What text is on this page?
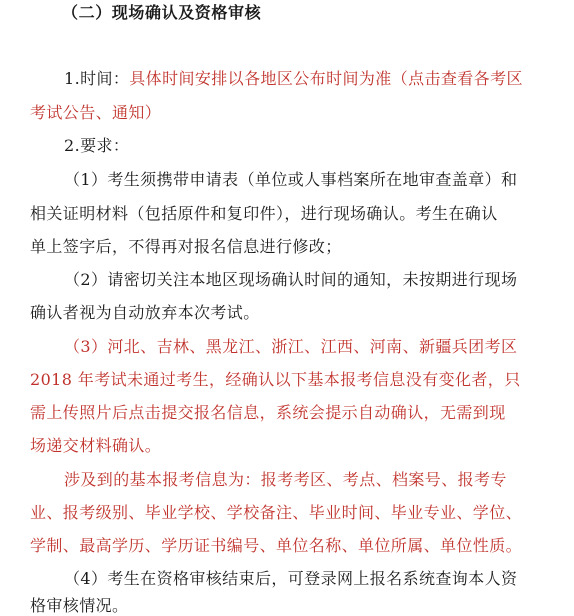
（二）现场确认及资格审核
1.时间：具体时间安排以各地区公布时间为准（点击查看各考区
考试公告、通知）
2.要求：
（1）考生须携带申请表（单位或人事档案所在地审查盖章）和
相关证明材料（包括原件和复印件），进行现场确认。考生在确认
单上签字后，不得再对报名信息进行修改；
（2）请密切关注本地区现场确认时间的通知，未按期进行现场
确认者视为自动放弃本次考试。
（3）河北、吉林、黑龙江、浙江、江西、河南、新疆兵团考区
2018 年考试未通过考生，经确认以下基本报考信息没有变化者，只
需上传照片后点击提交报名信息，系统会提示自动确认，无需到现
场递交材料确认。
涉及到的基本报考信息为：报考考区、考点、档案号、报考专
业、报考级别、毕业学校、学校备注、毕业时间、毕业专业、学位、
学制、最高学历、学历证书编号、单位名称、单位所属、单位性质。
（4）考生在资格审核结束后，可登录网上报名系统查询本人资
格审核情况。
